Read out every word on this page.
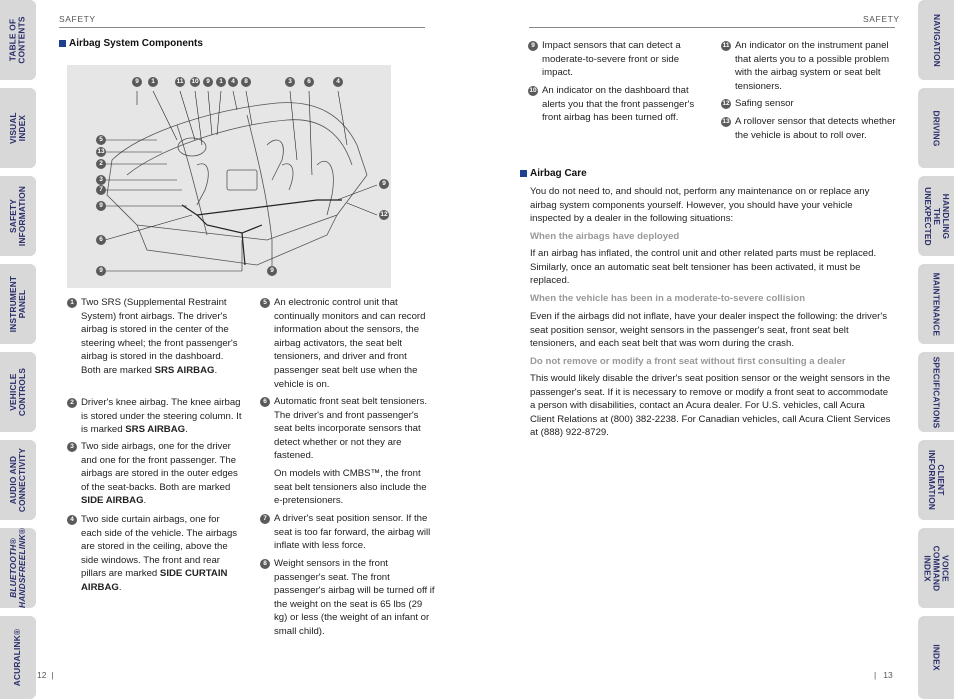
TABLE OF
CONTENTS
VISUAL INDEX
SAFETY
INFORMATION
INSTRUMENT
PANEL
VEHICLE
CONTROLS
AUDIO AND
CONNECTIVITY
BLUETOOTH®
HANDSFREELINK®
ACURALINK®
NAVIGATION
DRIVING
HANDLING THE
UNEXPECTED
MAINTENANCE
SPECIFICATIONS
CLIENT
INFORMATION
VOICE COMMAND
INDEX
INDEX
SAFETY
Airbag System Components
9	1	11 10	9	1	4	8	3	6	4
5
13
2
3
7
9
6
9
9
12
9
1 Two SRS (Supplemental Restraint System) front airbags. The driver's airbag is stored in the center of the steering wheel; the front passenger's airbag is stored in the dashboard. Both are marked SRS AIRBAG.
2 Driver's knee airbag. The knee airbag is stored under the steering column. It is marked SRS AIRBAG.
3 Two side airbags, one for the driver and one for the front passenger. The airbags are stored in the outer edges of the seat-backs. Both are marked SIDE AIRBAG.
4 Two side curtain airbags, one for each side of the vehicle. The airbags are stored in the ceiling, above the side windows. The front and rear pillars are marked SIDE CURTAIN AIRBAG.
5 An electronic control unit that continually monitors and can record information about the sensors, the airbag activators, the seat belt tensioners, and driver and front passenger seat belt use when the vehicle is on.
6 Automatic front seat belt tensioners. The driver's and front passenger's seat belts incorporate sensors that detect whether or not they are fastened.
On models with CMBS™, the front seat belt tensioners also include the e-pretensioners.
7 A driver's seat position sensor. If the seat is too far forward, the airbag will inflate with less force.
8 Weight sensors in the front passenger's seat. The front passenger's airbag will be turned off if the weight on the seat is 65 lbs (29 kg) or less (the weight of an infant or small child).
12  |
SAFETY
9 Impact sensors that can detect a moderate-to-severe front or side impact.
10 An indicator on the dashboard that alerts you that the front passenger's front airbag has been turned off.
11 An indicator on the instrument panel that alerts you to a possible problem with the airbag system or seat belt tensioners.
12 Safing sensor
13 A rollover sensor that detects whether the vehicle is about to roll over.
Airbag Care
You do not need to, and should not, perform any maintenance on or replace any airbag system components yourself. However, you should have your vehicle inspected by a dealer in the following situations:
When the airbags have deployed
If an airbag has inflated, the control unit and other related parts must be replaced. Similarly, once an automatic seat belt tensioner has been activated, it must be replaced.
When the vehicle has been in a moderate-to-severe collision
Even if the airbags did not inflate, have your dealer inspect the following: the driver's seat position sensor, weight sensors in the passenger's seat, front seat belt tensioners, and each seat belt that was worn during the crash.
Do not remove or modify a front seat without first consulting a dealer
This would likely disable the driver's seat position sensor or the weight sensors in the passenger's seat. If it is necessary to remove or modify a front seat to accommodate a person with disabilities, contact an Acura dealer. For U.S. vehicles, call Acura Client Relations at (800) 382-2238. For Canadian vehicles, call Acura Client Services at (888) 922-8729.
|   13
